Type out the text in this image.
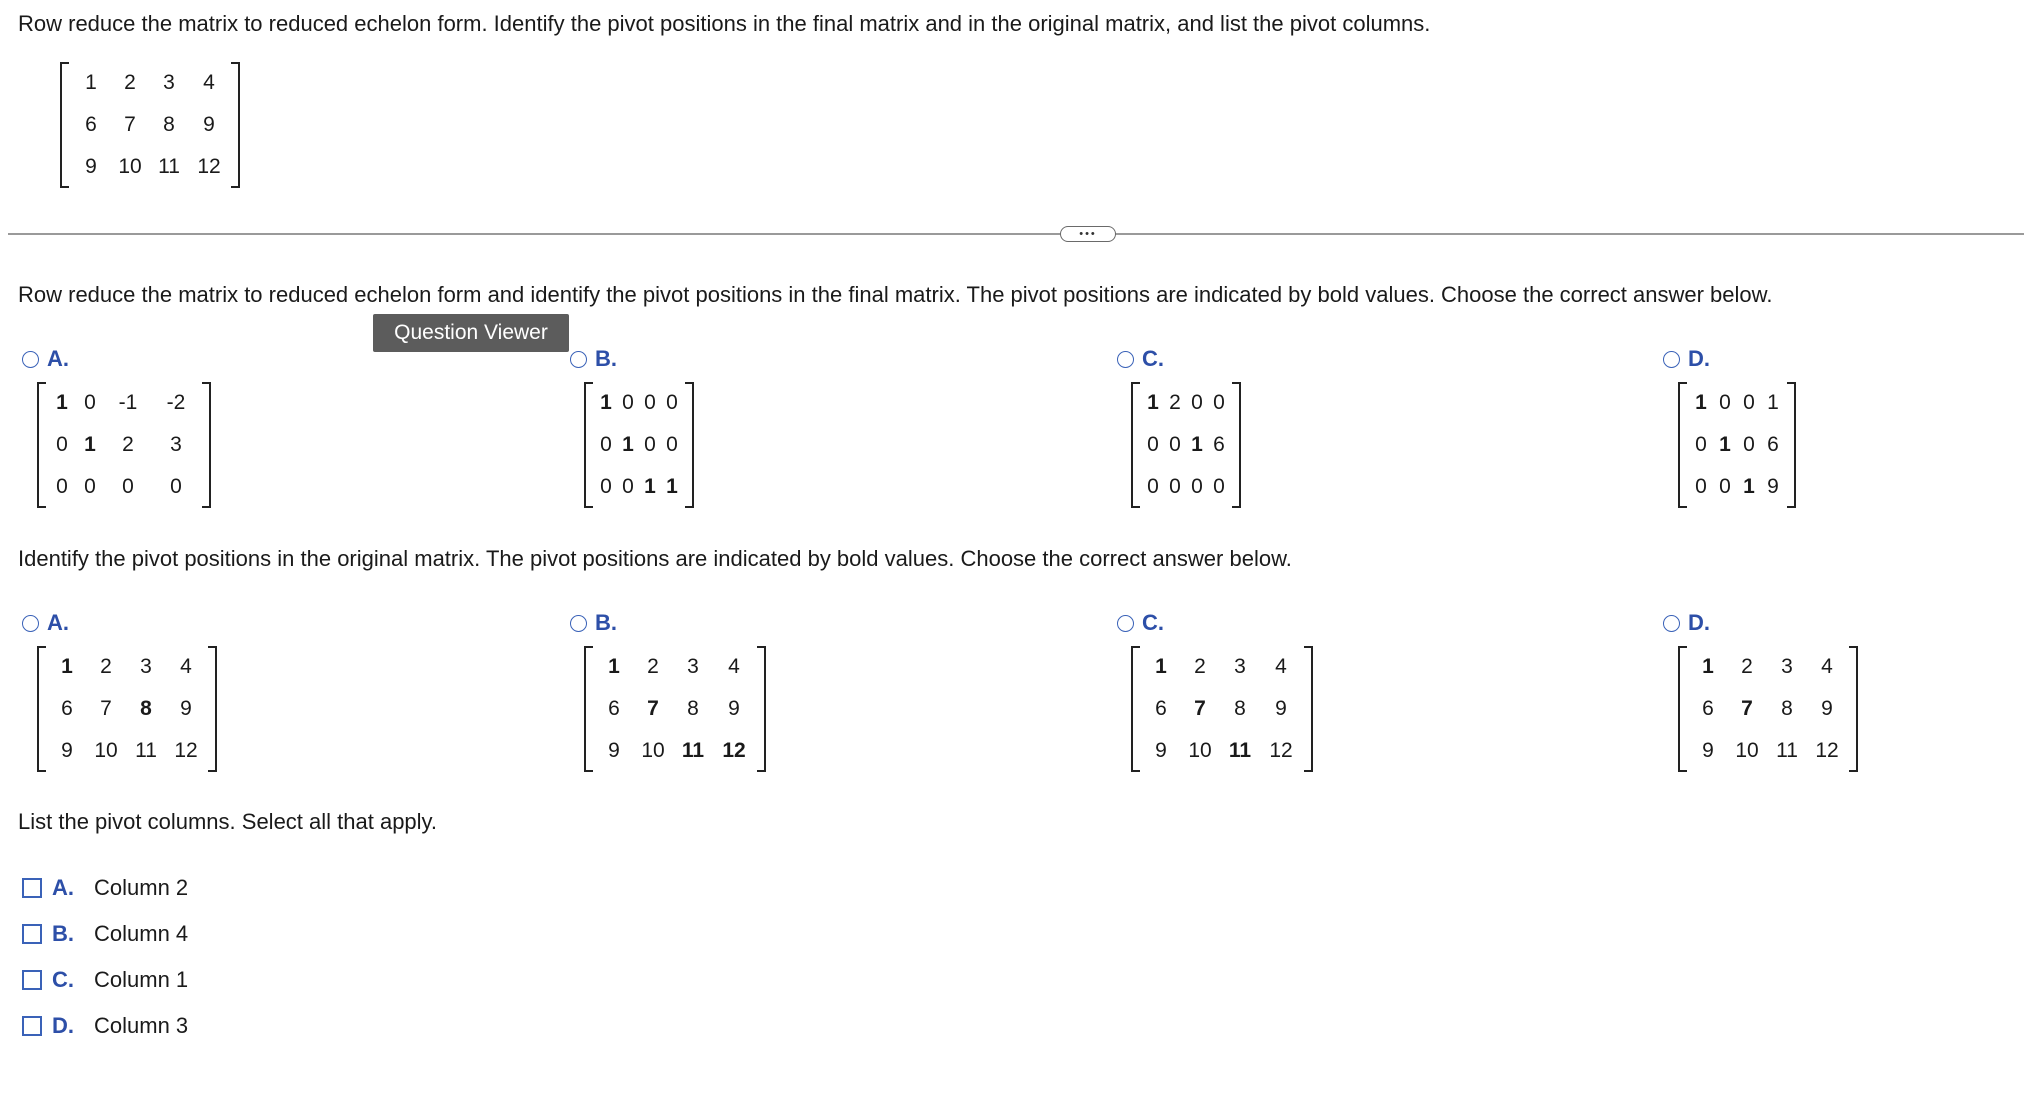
Row reduce the matrix to reduced echelon form. Identify the pivot positions in the final matrix and in the original matrix, and list the pivot columns.
1	2	3	4
6	7	8	9
9	10	11	12
•••
Row reduce the matrix to reduced echelon form and identify the pivot positions in the final matrix. The pivot positions are indicated by bold values. Choose the correct answer below.
Question Viewer
A.	B.	C.	D.
1	0	-1	-2
0	1	2	3
0	0	0	0
1	0	0	0
0	1	0	0
0	0	1	1
1	2	0	0
0	0	1	6
0	0	0	0
1	0	0	1
0	1	0	6
0	0	1	9
Identify the pivot positions in the original matrix. The pivot positions are indicated by bold values. Choose the correct answer below.
A.	B.	C.	D.
1	2	3	4
6	7	8	9
9	10	11	12
1	2	3	4
6	7	8	9
9	10	11	12
1	2	3	4
6	7	8	9
9	10	11	12
1	2	3	4
6	7	8	9
9	10	11	12
List the pivot columns. Select all that apply.
A. Column 2
B. Column 4
C. Column 1
D. Column 3
